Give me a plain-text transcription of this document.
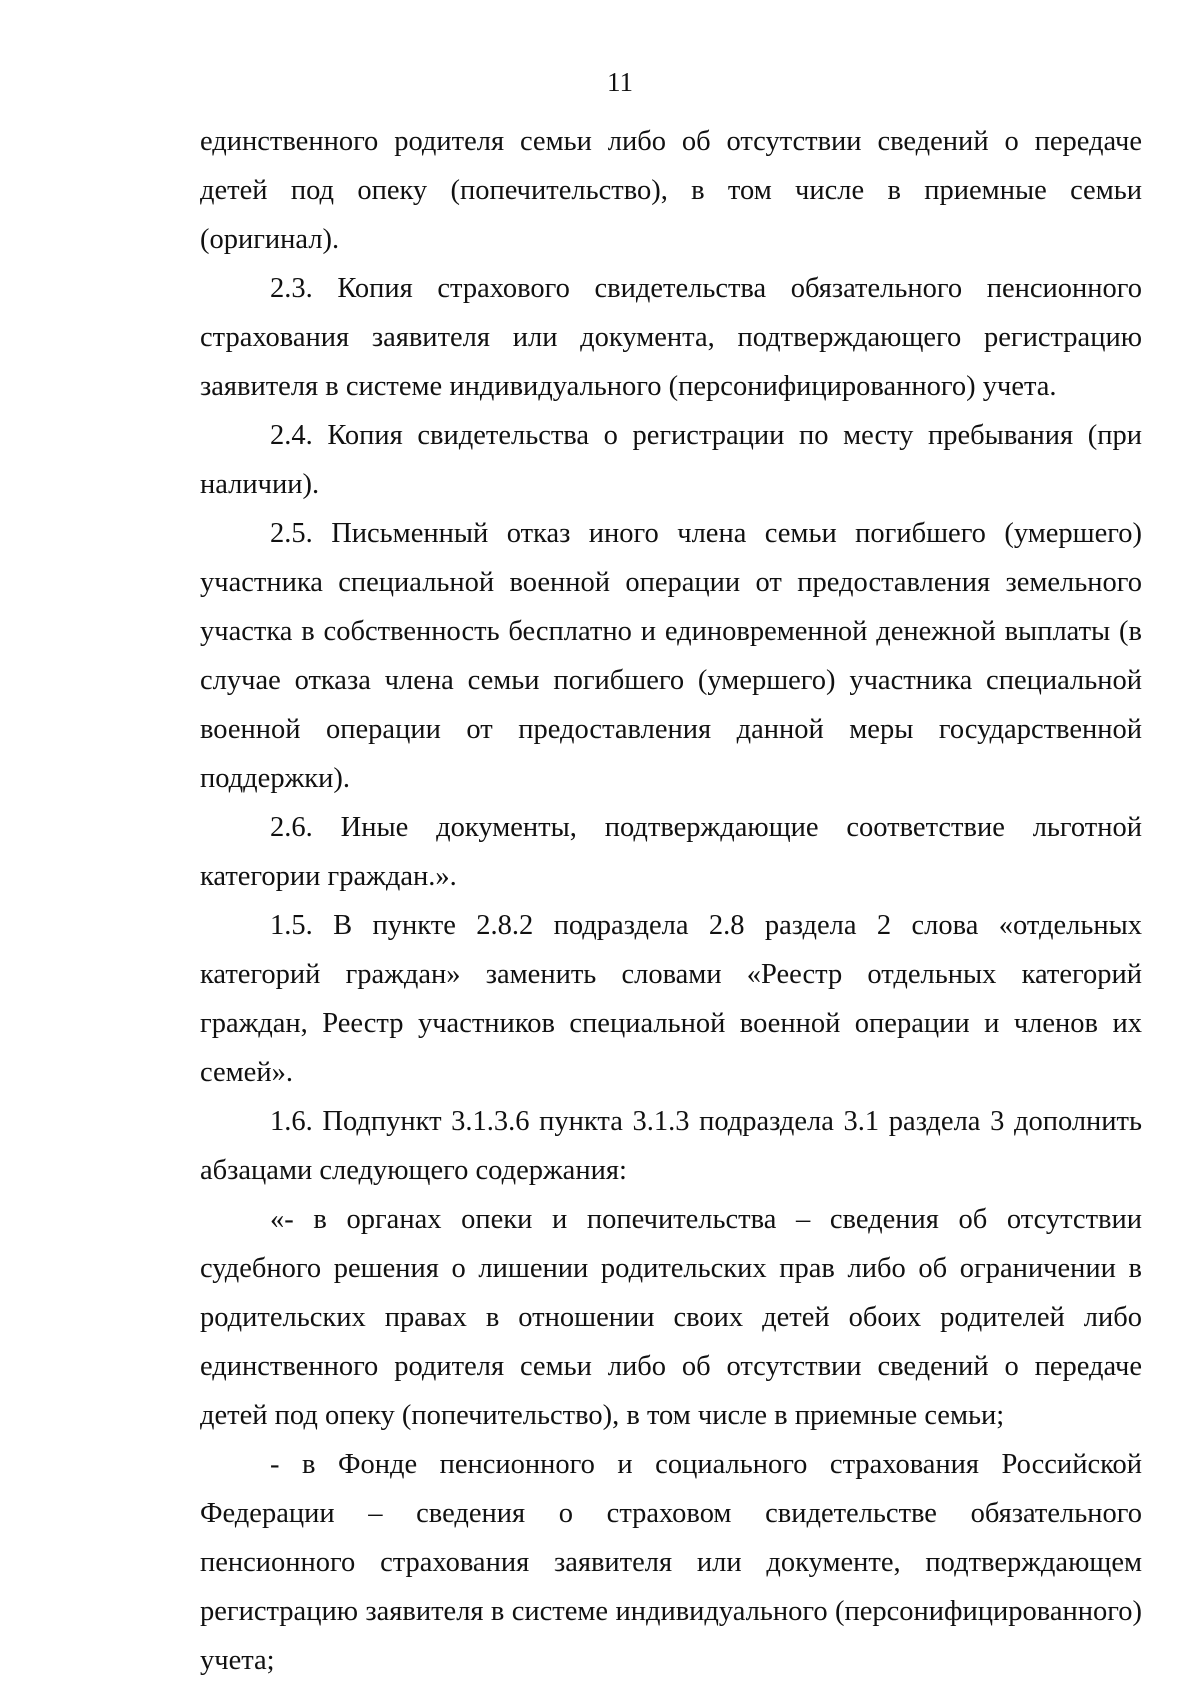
11

единственного родителя семьи либо об отсутствии сведений о передаче детей под опеку (попечительство), в том числе в приемные семьи (оригинал).

2.3. Копия страхового свидетельства обязательного пенсионного страхования заявителя или документа, подтверждающего регистрацию заявителя в системе индивидуального (персонифицированного) учета.

2.4. Копия свидетельства о регистрации по месту пребывания (при наличии).

2.5. Письменный отказ иного члена семьи погибшего (умершего) участника специальной военной операции от предоставления земельного участка в собственность бесплатно и единовременной денежной выплаты (в случае отказа члена семьи погибшего (умершего) участника специальной военной операции от предоставления данной меры государственной поддержки).

2.6. Иные документы, подтверждающие соответствие льготной категории граждан.».

1.5. В пункте 2.8.2 подраздела 2.8 раздела 2 слова «отдельных категорий граждан» заменить словами «Реестр отдельных категорий граждан, Реестр участников специальной военной операции и членов их семей».

1.6. Подпункт 3.1.3.6 пункта 3.1.3 подраздела 3.1 раздела 3 дополнить абзацами следующего содержания:

«- в органах опеки и попечительства – сведения об отсутствии судебного решения о лишении родительских прав либо об ограничении в родительских правах в отношении своих детей обоих родителей либо единственного родителя семьи либо об отсутствии сведений о передаче детей под опеку (попечительство), в том числе в приемные семьи;

- в Фонде пенсионного и социального страхования Российской Федерации – сведения о страховом свидетельстве обязательного пенсионного страхования заявителя или документе, подтверждающем регистрацию заявителя в системе индивидуального (персонифицированного) учета;
